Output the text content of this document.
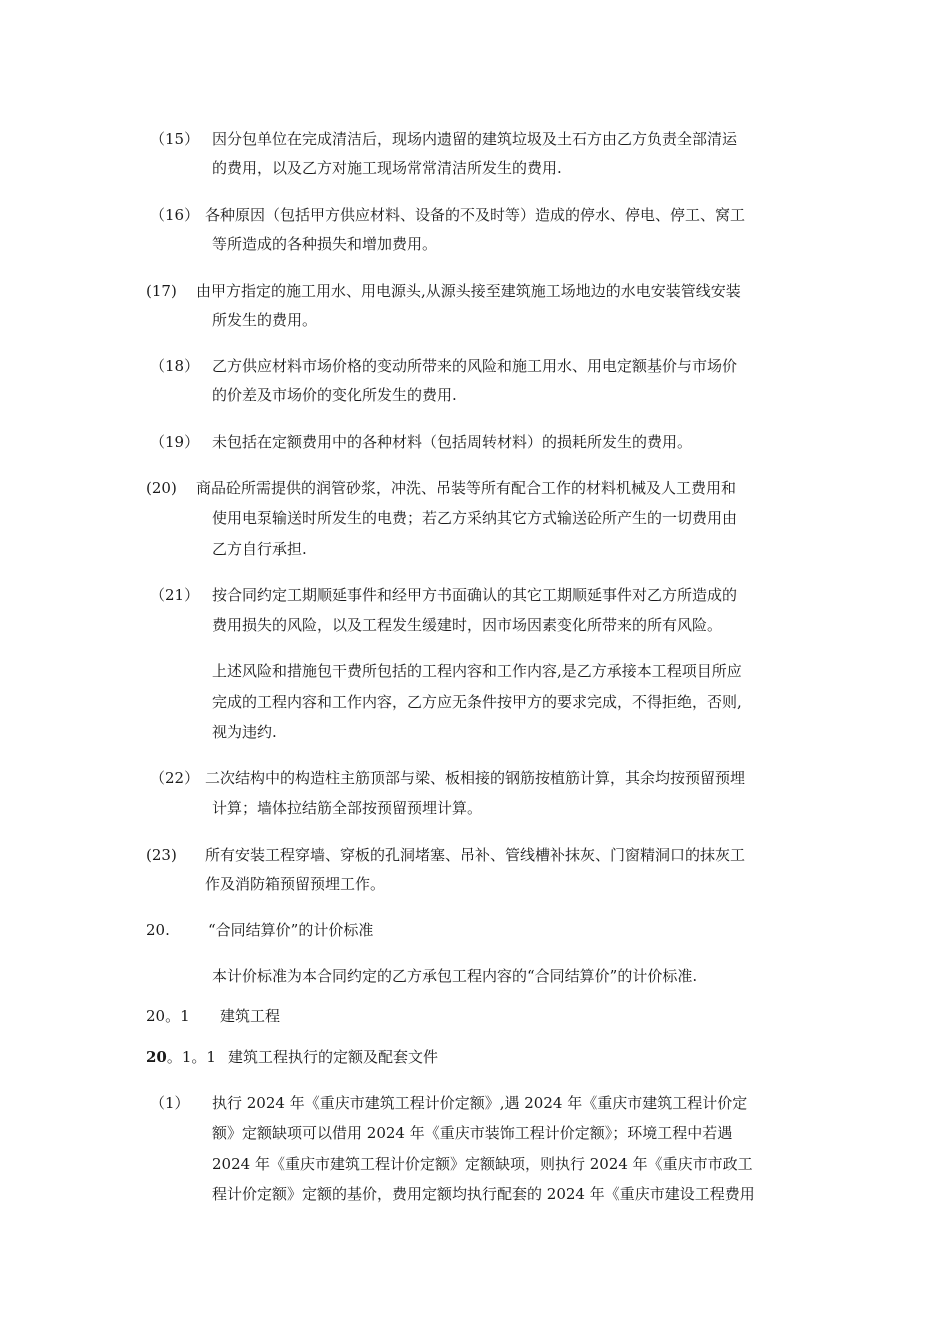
（15） 因分包单位在完成清洁后，现场内遗留的建筑垃圾及土石方由乙方负责全部清运
的费用，以及乙方对施工现场常常清洁所发生的费用.
（16） 各种原因（包括甲方供应材料、设备的不及时等）造成的停水、停电、停工、窝工
等所造成的各种损失和增加费用。
(17) 由甲方指定的施工用水、用电源头,从源头接至建筑施工场地边的水电安装管线安装
所发生的费用。
（18） 乙方供应材料市场价格的变动所带来的风险和施工用水、用电定额基价与市场价
的价差及市场价的变化所发生的费用.
（19） 未包括在定额费用中的各种材料（包括周转材料）的损耗所发生的费用。
(20) 商品砼所需提供的润管砂浆，冲洗、吊装等所有配合工作的材料机械及人工费用和
使用电泵输送时所发生的电费；若乙方采纳其它方式输送砼所产生的一切费用由
乙方自行承担.
（21） 按合同约定工期顺延事件和经甲方书面确认的其它工期顺延事件对乙方所造成的
费用损失的风险，以及工程发生缓建时，因市场因素变化所带来的所有风险。
上述风险和措施包干费所包括的工程内容和工作内容,是乙方承接本工程项目所应
完成的工程内容和工作内容，乙方应无条件按甲方的要求完成，不得拒绝，否则,
视为违约.
（22） 二次结构中的构造柱主筋顶部与梁、板相接的钢筋按植筋计算，其余均按预留预埋
计算；墙体拉结筋全部按预留预埋计算。
(23) 所有安装工程穿墙、穿板的孔洞堵塞、吊补、管线槽补抹灰、门窗精洞口的抹灰工
作及消防箱预留预埋工作。
20.	“合同结算价”的计价标准
本计价标准为本合同约定的乙方承包工程内容的“合同结算价”的计价标准.
20。1 建筑工程
20。1。1 建筑工程执行的定额及配套文件
（1） 执行 2024 年《重庆市建筑工程计价定额》,遇 2024 年《重庆市建筑工程计价定
额》定额缺项可以借用 2024 年《重庆市装饰工程计价定额》；环境工程中若遇
2024 年《重庆市建筑工程计价定额》定额缺项，则执行 2024 年《重庆市市政工
程计价定额》定额的基价，费用定额均执行配套的 2024 年《重庆市建设工程费用
